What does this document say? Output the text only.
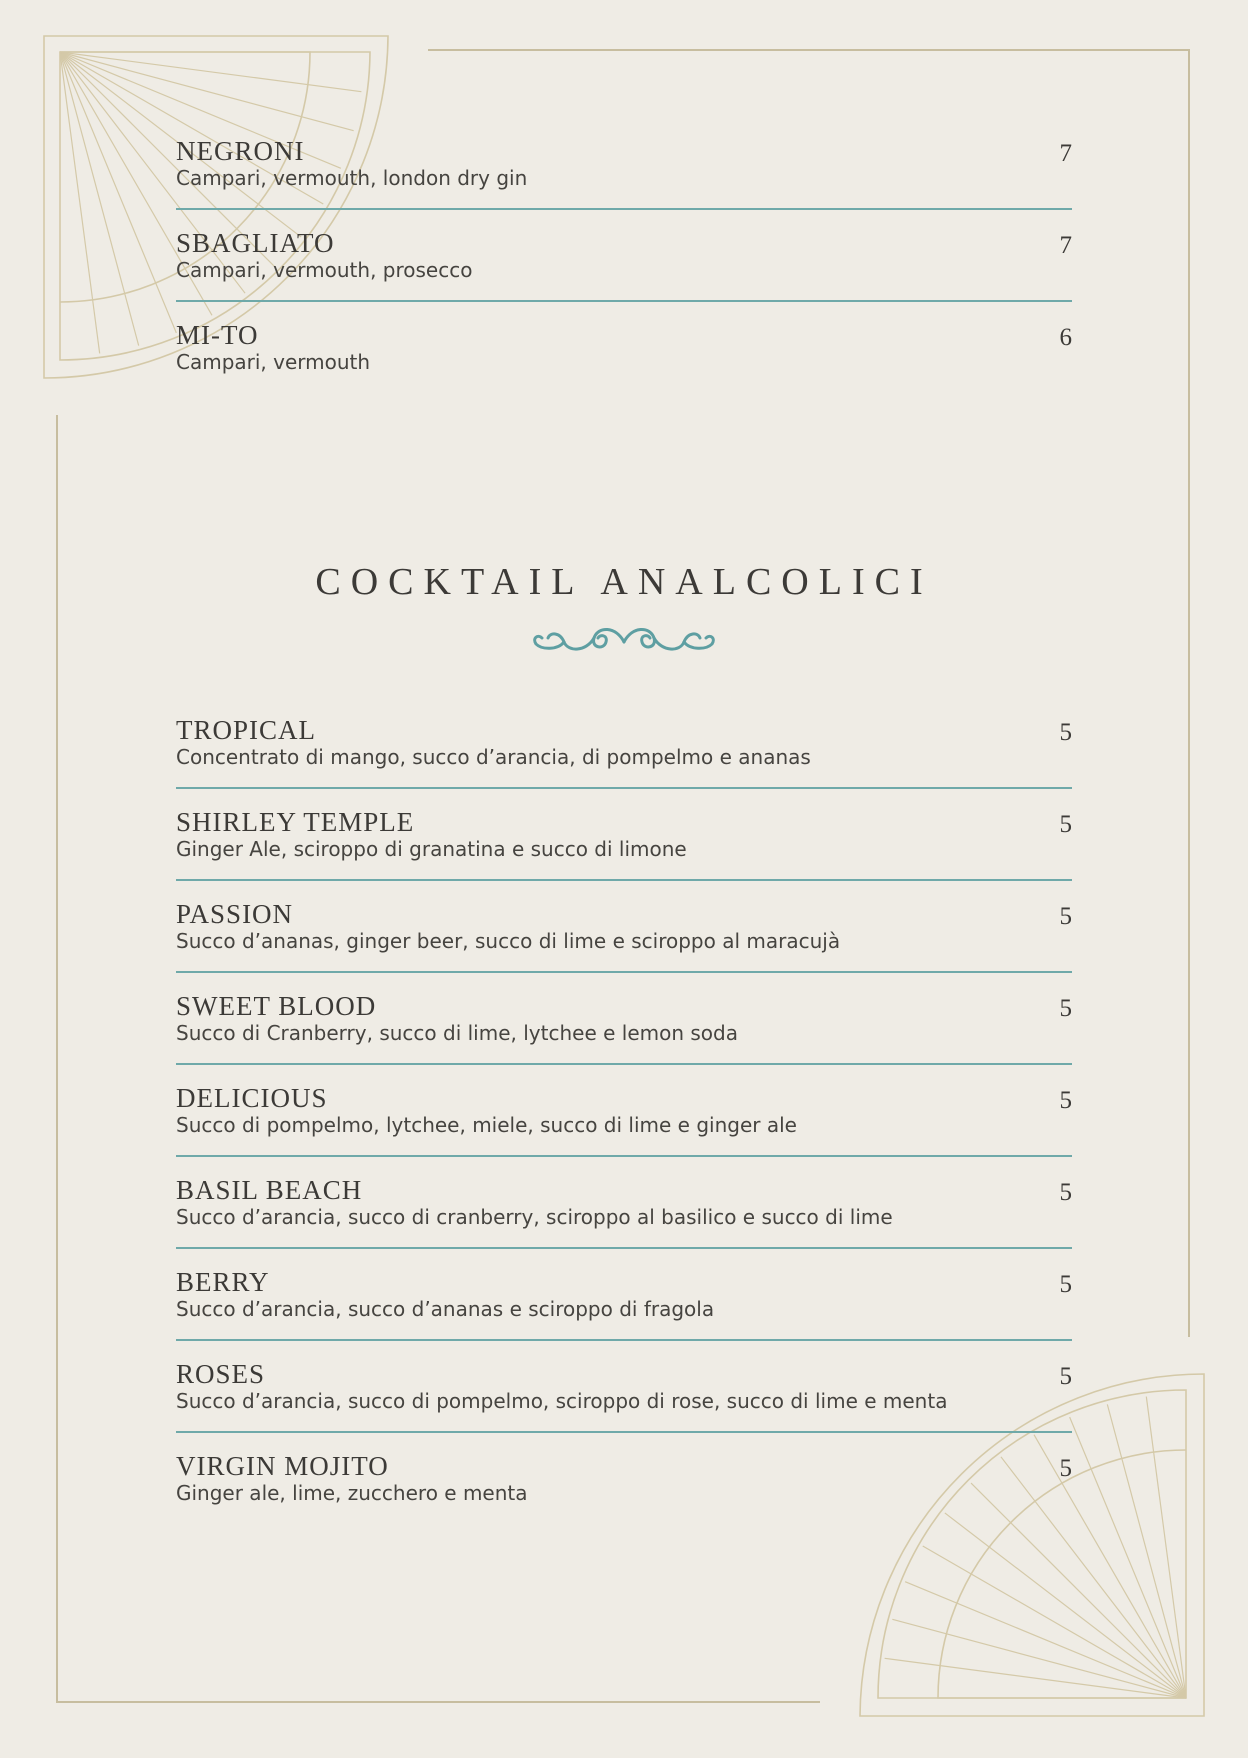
NEGRONI
Campari, vermouth, london dry gin
7
SBAGLIATO
Campari, vermouth, prosecco
7
MI-TO
Campari, vermouth
6
COCKTAIL ANALCOLICI
TROPICAL
Concentrato di mango, succo d’arancia, di pompelmo e ananas
5
SHIRLEY TEMPLE
Ginger Ale, sciroppo di granatina e succo di limone
5
PASSION
Succo d’ananas, ginger beer, succo di lime e sciroppo al maracujà
5
SWEET BLOOD
Succo di Cranberry, succo di lime, lytchee e lemon soda
5
DELICIOUS
Succo di pompelmo, lytchee, miele, succo di lime e ginger ale
5
BASIL BEACH
Succo d’arancia, succo di cranberry, sciroppo al basilico e succo di lime
5
BERRY
Succo d’arancia, succo d’ananas e sciroppo di fragola
5
ROSES
Succo d’arancia, succo di pompelmo, sciroppo di rose, succo di lime e menta
5
VIRGIN MOJITO
Ginger ale, lime, zucchero e menta
5
